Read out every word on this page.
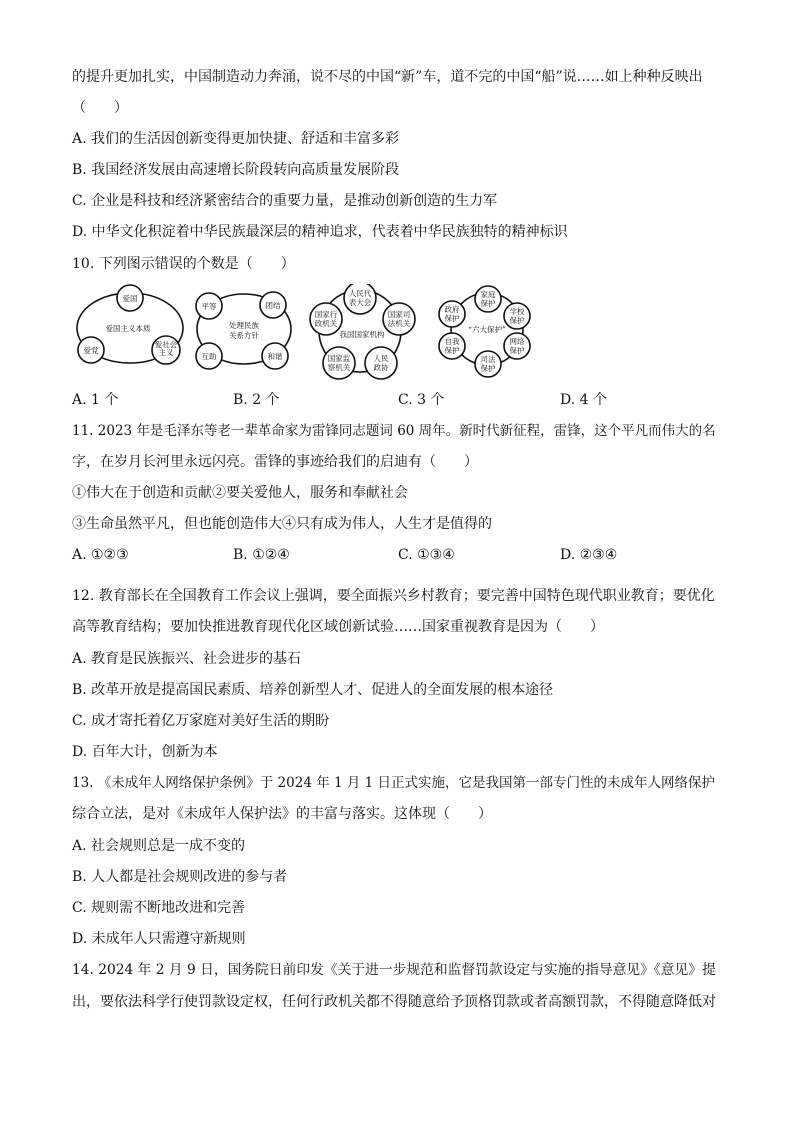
的提升更加扎实，中国制造动力奔涌，说不尽的中国“新”车，道不完的中国“船”说……如上种种反映出
（　　）
A. 我们的生活因创新变得更加快捷、舒适和丰富多彩
B. 我国经济发展由高速增长阶段转向高质量发展阶段
C. 企业是科技和经济紧密结合的重要力量，是推动创新创造的生力军
D. 中华文化积淀着中华民族最深层的精神追求，代表着中华民族独特的精神标识
10. 下列图示错误的个数是（　　）
爱国
爱国主义本质
爱党
爱社会主义
平等	团结
互助	和谐
处理民族
关系方针
人民代
表大会
国家行
政机关
国家司
法机关
国家监
察机关
人民
政协
我国国家机构
家庭
保护
学校
保护
网络
保护
司法
保护
自我
保护
政府
保护
“六大保护”
A. 1 个	B. 2 个	C. 3 个	D. 4 个
11. 2023 年是毛泽东等老一辈革命家为雷锋同志题词 60 周年。新时代新征程，雷锋，这个平凡而伟大的名
字，在岁月长河里永远闪亮。雷锋的事迹给我们的启迪有（　　）
①伟大在于创造和贡献②要关爱他人，服务和奉献社会
③生命虽然平凡，但也能创造伟大④只有成为伟人，人生才是值得的
A. ①②③	B. ①②④	C. ①③④	D. ②③④
12. 教育部长在全国教育工作会议上强调，要全面振兴乡村教育；要完善中国特色现代职业教育；要优化
高等教育结构；要加快推进教育现代化区域创新试验……国家重视教育是因为（　　）
A. 教育是民族振兴、社会进步的基石
B. 改革开放是提高国民素质、培养创新型人才、促进人的全面发展的根本途径
C. 成才寄托着亿万家庭对美好生活的期盼
D. 百年大计，创新为本
13. 《未成年人网络保护条例》于 2024 年 1 月 1 日正式实施，它是我国第一部专门性的未成年人网络保护
综合立法，是对《未成年人保护法》的丰富与落实。这体现（　　）
A. 社会规则总是一成不变的
B. 人人都是社会规则改进的参与者
C. 规则需不断地改进和完善
D. 未成年人只需遵守新规则
14. 2024 年 2 月 9 日，国务院日前印发《关于进一步规范和监督罚款设定与实施的指导意见》《意见》提
出，要依法科学行使罚款设定权，任何行政机关都不得随意给予顶格罚款或者高额罚款，不得随意降低对
